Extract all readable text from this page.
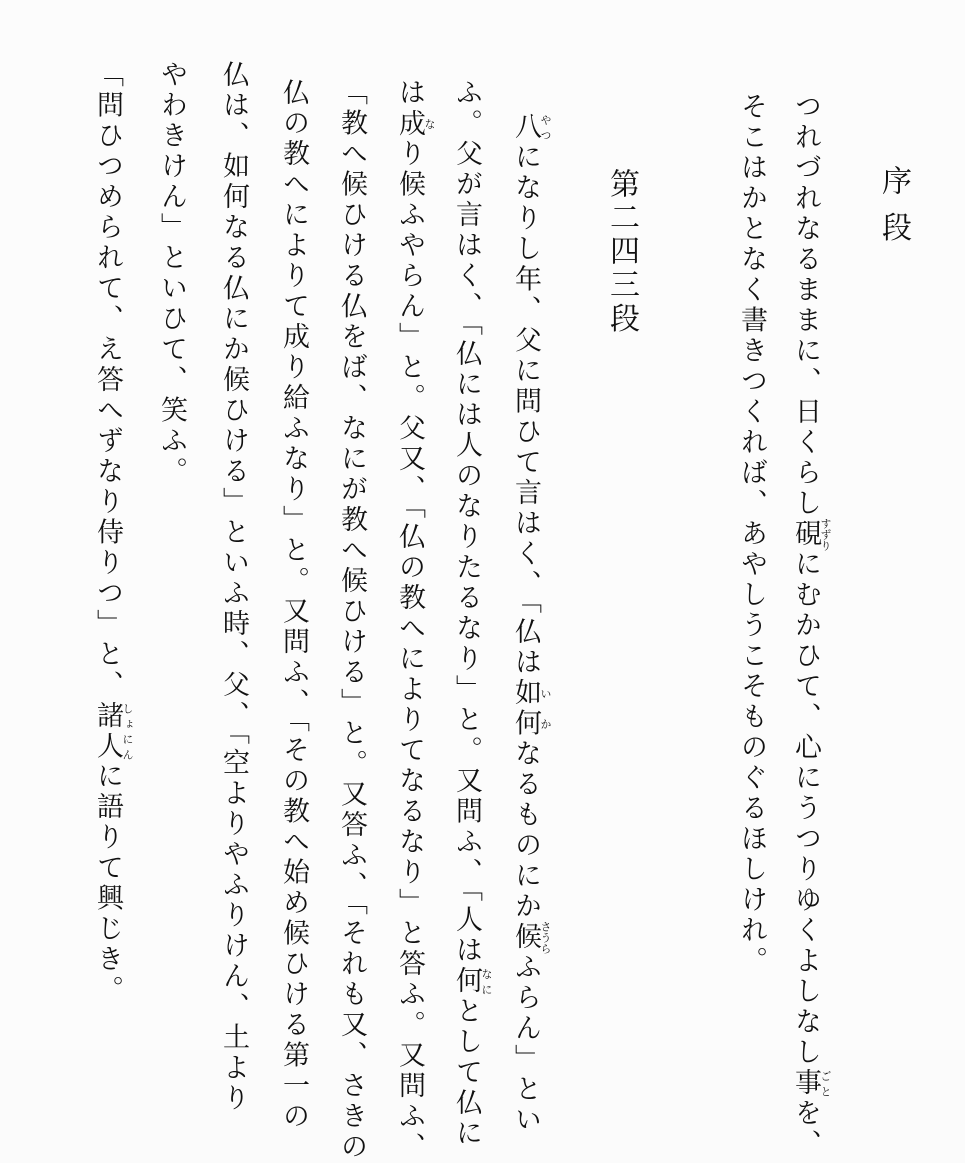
序段
つれづれなるままに、日くらし硯すずりにむかひて、心にうつりゆくよしなし事ごとを、
そこはかとなく書きつくれば、あやしうこそものぐるほしけれ。
第二四三段
八やつになりし年、父に問ひて言はく、「仏は如何いかなるものにか候さうらふらん」とい
ふ。父が言はく、「仏には人のなりたるなり」と。又問ふ、「人は何なにとして仏に
は成なり候ふやらん」と。父又、「仏の教へによりてなるなり」と答ふ。又問ふ、
「教へ候ひける仏をば、なにが教へ候ひける」と。又答ふ、「それも又、さきの
仏の教へによりて成り給ふなり」と。又問ふ、「その教へ始め候ひける第一の
仏は、如何なる仏にか候ひける」といふ時、父、「空よりやふりけん、土より
やわきけん」といひて、笑ふ。
「問ひつめられて、え答へずなり侍りつ」と、諸人しょにんに語りて興じき。
